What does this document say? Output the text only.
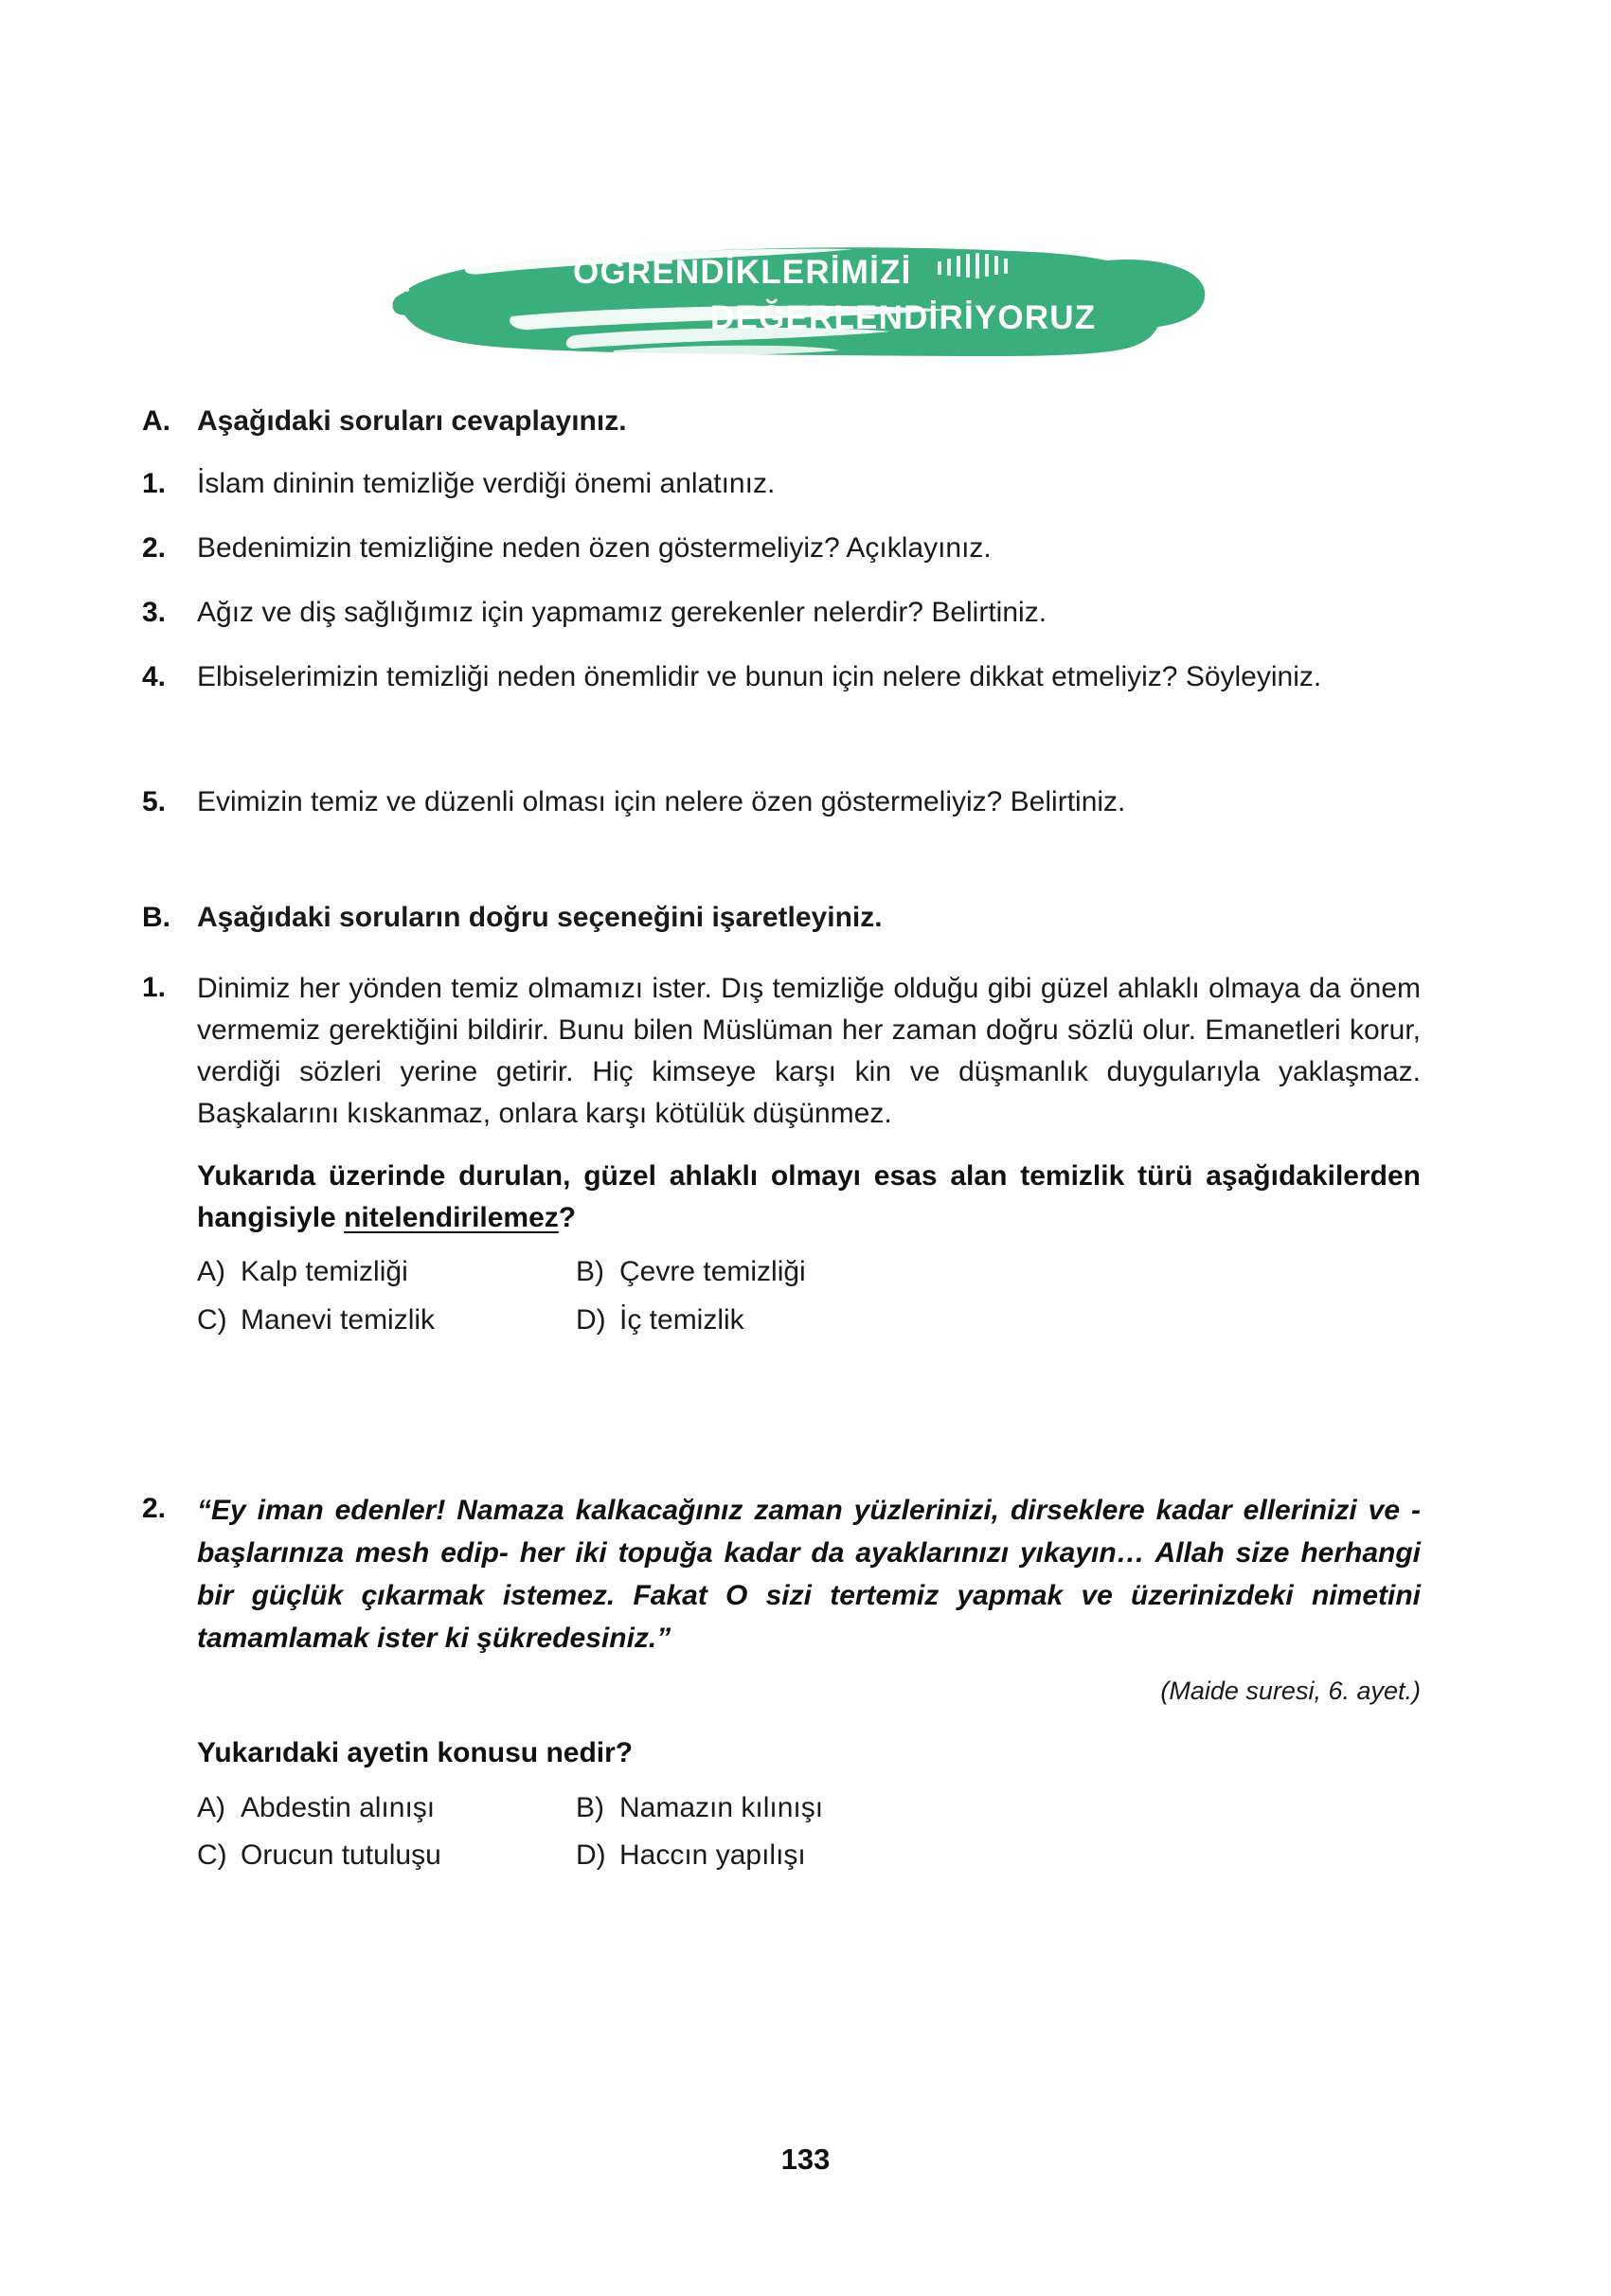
ÖĞRENDİKLERİMİZİ
DEĞERLENDİRİYORUZ
A. Aşağıdaki soruları cevaplayınız.
1.	İslam dininin temizliğe verdiği önemi anlatınız.
2.	Bedenimizin temizliğine neden özen göstermeliyiz? Açıklayınız.
3.	Ağız ve diş sağlığımız için yapmamız gerekenler nelerdir? Belirtiniz.
4.	Elbiselerimizin temizliği neden önemlidir ve bunun için nelere dikkat etmeliyiz? Söyleyiniz.
5.	Evimizin temiz ve düzenli olması için nelere özen göstermeliyiz? Belirtiniz.
B. Aşağıdaki soruların doğru seçeneğini işaretleyiniz.
1.	Dinimiz her yönden temiz olmamızı ister. Dış temizliğe olduğu gibi güzel ahlaklı olmaya da önem vermemiz gerektiğini bildirir. Bunu bilen Müslüman her zaman doğru sözlü olur. Emanetleri korur, verdiği sözleri yerine getirir. Hiç kimseye karşı kin ve düşmanlık duygularıyla yaklaşmaz. Başkalarını kıskanmaz, onlara karşı kötülük düşünmez.
Yukarıda üzerinde durulan, güzel ahlaklı olmayı esas alan temizlik türü aşağıdakilerden hangisiyle nitelendirilemez?
A) Kalp temizliği	B) Çevre temizliği
C) Manevi temizlik	D) İç temizlik
2.	“Ey iman edenler! Namaza kalkacağınız zaman yüzlerinizi, dirseklere kadar ellerinizi ve -başlarınıza mesh edip- her iki topuğa kadar da ayaklarınızı yıkayın… Allah size herhangi bir güçlük çıkarmak istemez. Fakat O sizi tertemiz yapmak ve üzerinizdeki nimetini tamamlamak ister ki şükredesiniz.”
(Maide suresi, 6. ayet.)
Yukarıdaki ayetin konusu nedir?
A) Abdestin alınışı	B) Namazın kılınışı
C) Orucun tutuluşu	D) Haccın yapılışı
133
